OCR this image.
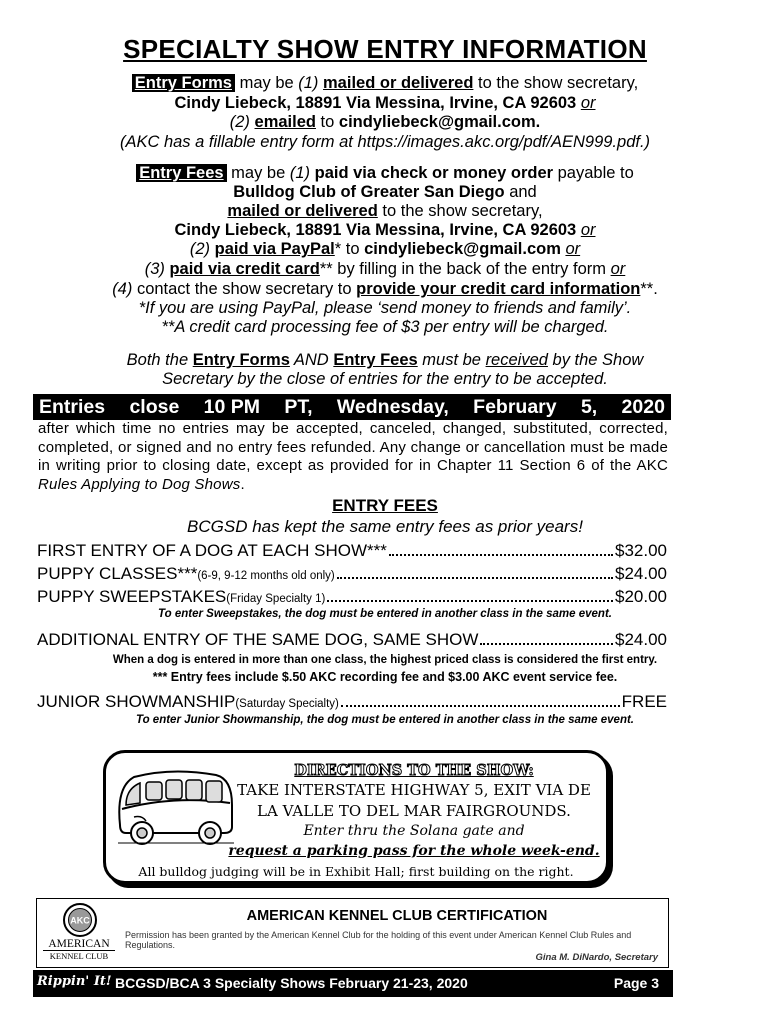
SPECIALTY SHOW ENTRY INFORMATION
Entry Forms may be (1) mailed or delivered to the show secretary,
Cindy Liebeck, 18891 Via Messina, Irvine, CA 92603 or
(2) emailed to cindyliebeck@gmail.com.
(AKC has a fillable entry form at https://images.akc.org/pdf/AEN999.pdf.)
Entry Fees may be (1) paid via check or money order payable to
Bulldog Club of Greater San Diego and
mailed or delivered to the show secretary,
Cindy Liebeck, 18891 Via Messina, Irvine, CA 92603 or
(2) paid via PayPal* to cindyliebeck@gmail.com or
(3) paid via credit card** by filling in the back of the entry form or
(4) contact the show secretary to provide your credit card information**.
*If you are using PayPal, please ‘send money to friends and family’.
**A credit card processing fee of $3 per entry will be charged.
Both the Entry Forms AND Entry Fees must be received by the Show
Secretary by the close of entries for the entry to be accepted.
Entries close 10 PM PT, Wednesday, February 5, 2020
after which time no entries may be accepted, canceled, changed, substituted, corrected, completed, or signed and no entry fees refunded. Any change or cancellation must be made in writing prior to closing date, except as provided for in Chapter 11 Section 6 of the AKC Rules Applying to Dog Shows.
ENTRY FEES
BCGSD has kept the same entry fees as prior years!
FIRST ENTRY OF A DOG AT EACH SHOW***	$32.00
PUPPY CLASSES*** (6-9, 9-12 months old only)	$24.00
PUPPY SWEEPSTAKES (Friday Specialty 1)	$20.00
To enter Sweepstakes, the dog must be entered in another class in the same event.
ADDITIONAL ENTRY OF THE SAME DOG, SAME SHOW	$24.00
When a dog is entered in more than one class, the highest priced class is considered the first entry.
*** Entry fees include $.50 AKC recording fee and $3.00 AKC event service fee.
JUNIOR SHOWMANSHIP (Saturday Specialty)	FREE
To enter Junior Showmanship, the dog must be entered in another class in the same event.
DIRECTIONS TO THE SHOW:
TAKE INTERSTATE HIGHWAY 5, EXIT VIA DE
LA VALLE TO DEL MAR FAIRGROUNDS.
Enter thru the Solana gate and
request a parking pass for the whole week-end.
All bulldog judging will be in Exhibit Hall; first building on the right.
AKC
AMERICAN
KENNEL CLUB
AMERICAN KENNEL CLUB CERTIFICATION
Permission has been granted by the American Kennel Club for the holding of this event under American Kennel Club Rules and Regulations.
Gina M. DiNardo, Secretary
Rippin' It! BCGSD/BCA 3 Specialty Shows February 21-23, 2020	Page 3
